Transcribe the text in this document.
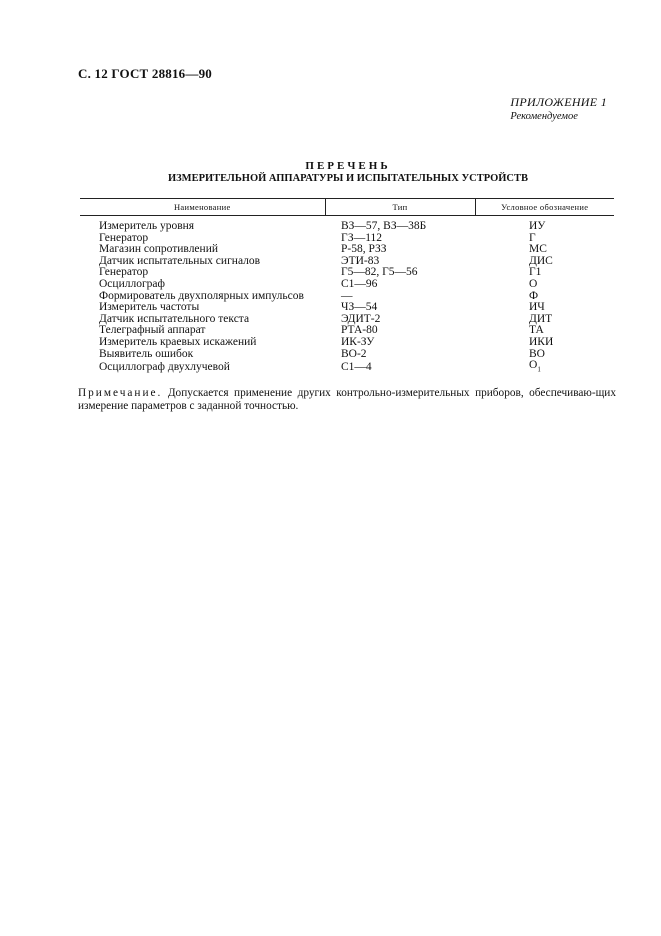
С. 12 ГОСТ 28816—90
ПРИЛОЖЕНИЕ 1
Рекомендуемое
ПЕРЕЧЕНЬ
ИЗМЕРИТЕЛЬНОЙ АППАРАТУРЫ И ИСПЫТАТЕЛЬНЫХ УСТРОЙСТВ
Наименование	Тип	Условное обозначение
Измеритель уровня	ВЗ—57, ВЗ—38Б	ИУ
Генератор	ГЗ—112	Г
Магазин сопротивлений	Р-58, РЗЗ	МС
Датчик испытательных сигналов	ЭТИ-83	ДИС
Генератор	Г5—82, Г5—56	Г1
Осциллограф	С1—96	О
Формирователь двухполярных импульсов	—	Ф
Измеритель частоты	ЧЗ—54	ИЧ
Датчик испытательного текста	ЭДИТ-2	ДИТ
Телеграфный аппарат	РТА-80	ТА
Измеритель краевых искажений	ИК-ЗУ	ИКИ
Выявитель ошибок	ВО-2	ВО
Осциллограф двухлучевой	С1—4	$О_1$
Примечание. Допускается применение других контрольно-измерительных приборов, обеспечиваю-щих измерение параметров с заданной точностью.
